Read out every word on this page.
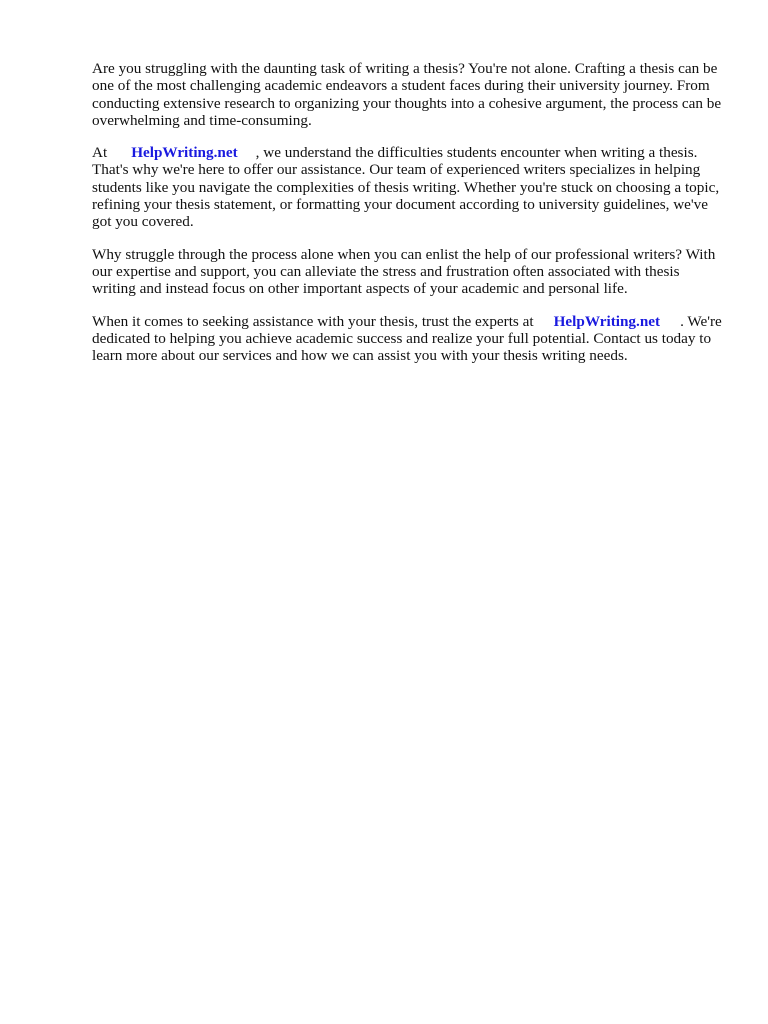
Are you struggling with the daunting task of writing a thesis? You're not alone. Crafting a thesis can be one of the most challenging academic endeavors a student faces during their university journey. From conducting extensive research to organizing your thoughts into a cohesive argument, the process can be overwhelming and time-consuming.

At HelpWriting.net , we understand the difficulties students encounter when writing a thesis. That's why we're here to offer our assistance. Our team of experienced writers specializes in helping students like you navigate the complexities of thesis writing. Whether you're stuck on choosing a topic, refining your thesis statement, or formatting your document according to university guidelines, we've got you covered.

Why struggle through the process alone when you can enlist the help of our professional writers? With our expertise and support, you can alleviate the stress and frustration often associated with thesis writing and instead focus on other important aspects of your academic and personal life.

When it comes to seeking assistance with your thesis, trust the experts at HelpWriting.net . We're dedicated to helping you achieve academic success and realize your full potential. Contact us today to learn more about our services and how we can assist you with your thesis writing needs.
